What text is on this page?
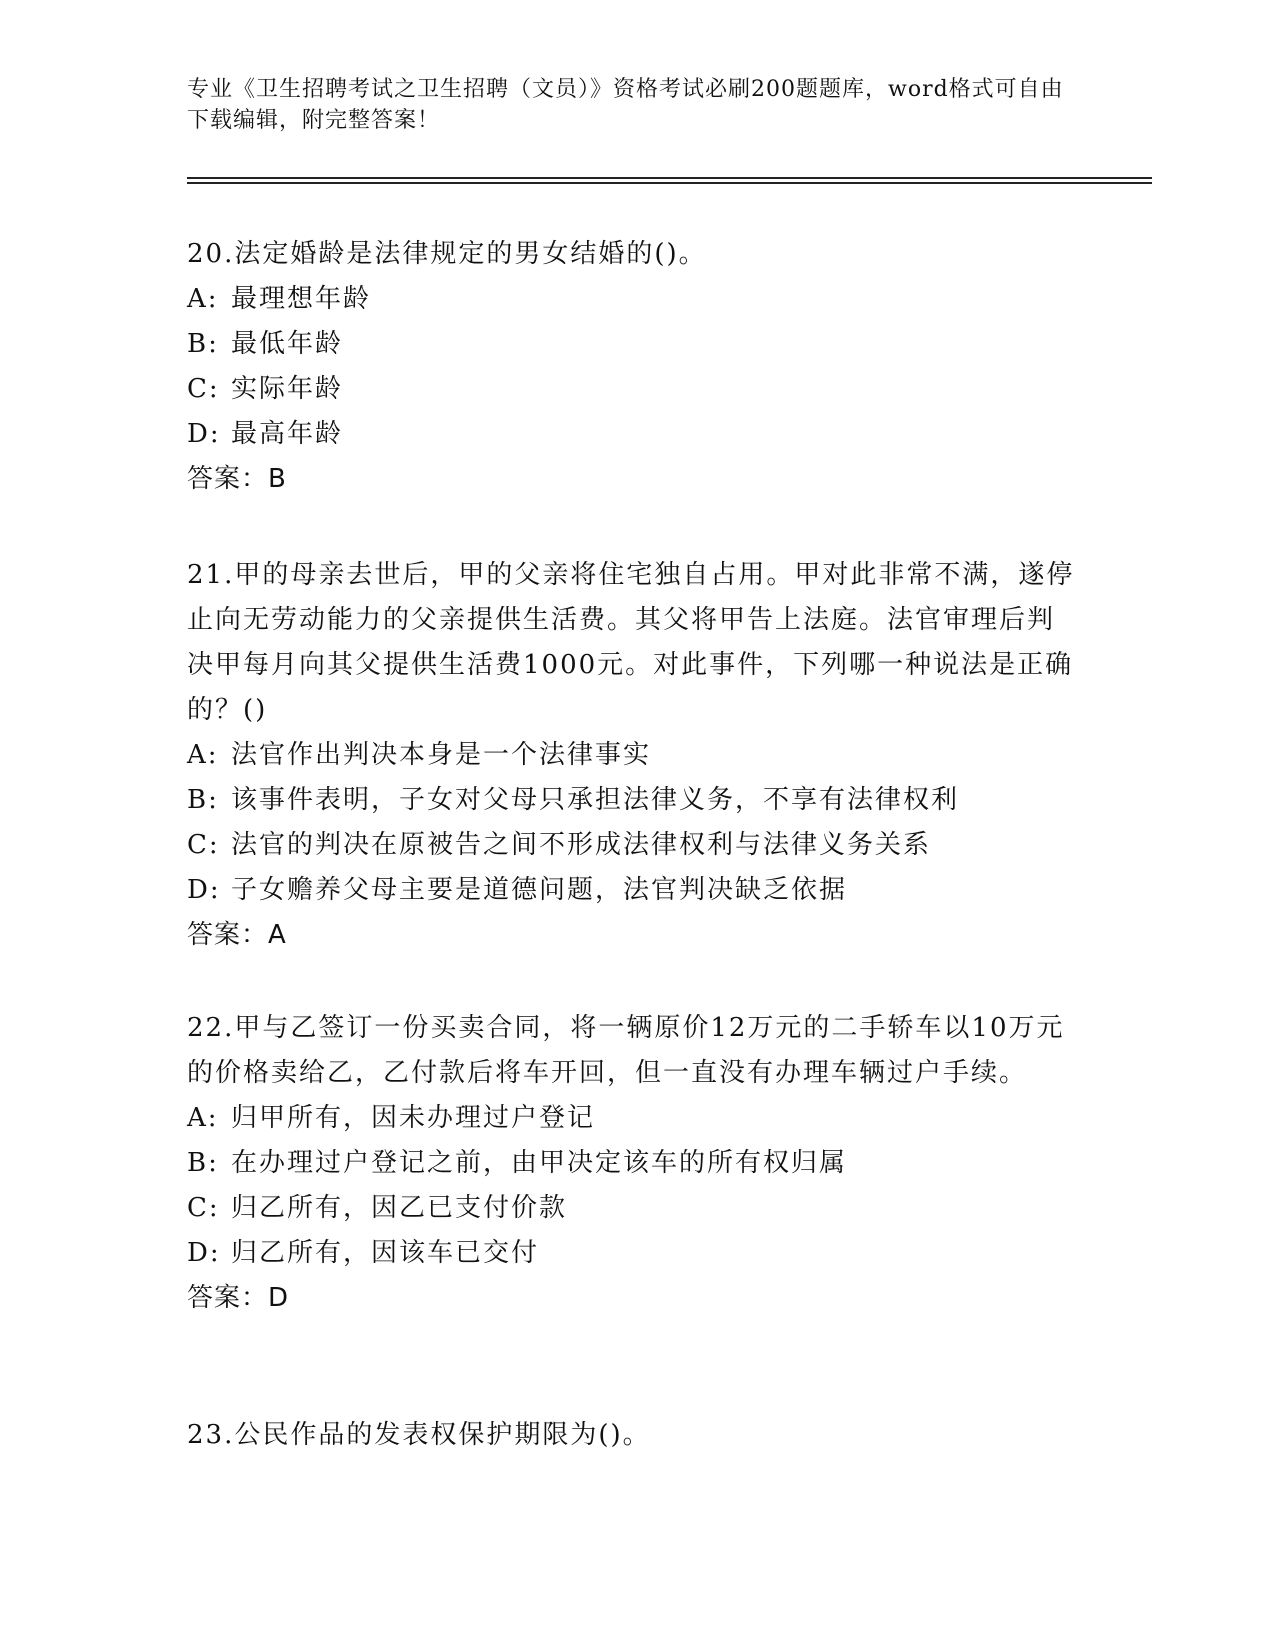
专业《卫生招聘考试之卫生招聘（文员）》资格考试必刷200题题库，word格式可自由下载编辑，附完整答案！

20.法定婚龄是法律规定的男女结婚的()。

A: 最理想年龄

B: 最低年龄

C: 实际年龄

D: 最高年龄

答案：B

21.甲的母亲去世后，甲的父亲将住宅独自占用。甲对此非常不满，遂停止向无劳动能力的父亲提供生活费。其父将甲告上法庭。法官审理后判决甲每月向其父提供生活费1000元。对此事件，下列哪一种说法是正确的？()

A: 法官作出判决本身是一个法律事实

B: 该事件表明，子女对父母只承担法律义务，不享有法律权利

C: 法官的判决在原被告之间不形成法律权利与法律义务关系

D: 子女赡养父母主要是道德问题，法官判决缺乏依据

答案：A

22.甲与乙签订一份买卖合同，将一辆原价12万元的二手轿车以10万元的价格卖给乙，乙付款后将车开回，但一直没有办理车辆过户手续。

A: 归甲所有，因未办理过户登记

B: 在办理过户登记之前，由甲决定该车的所有权归属

C: 归乙所有，因乙已支付价款

D: 归乙所有，因该车已交付

答案：D

23.公民作品的发表权保护期限为()。
